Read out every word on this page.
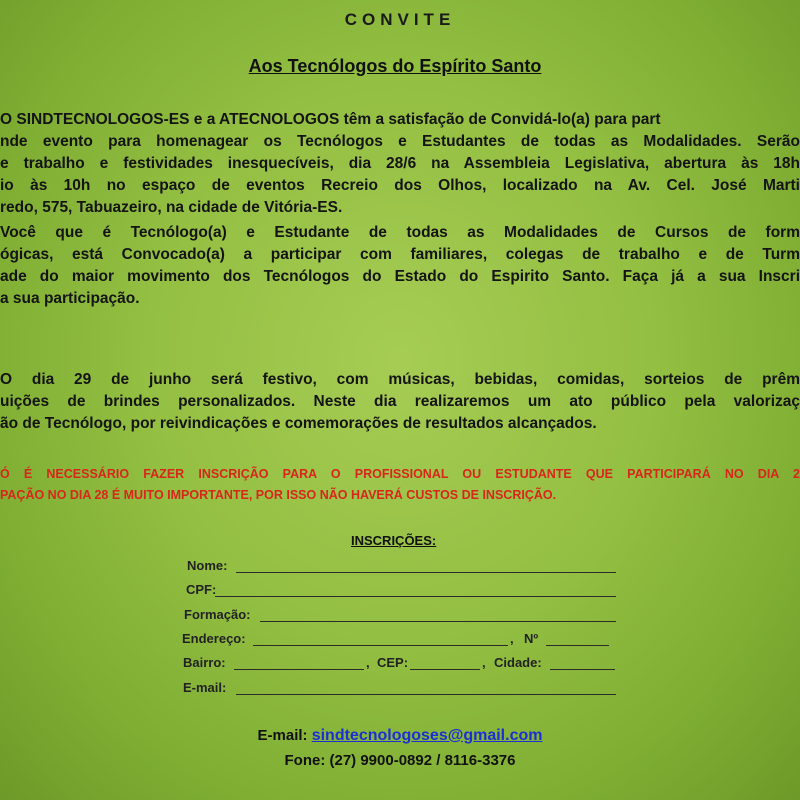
CONVITE
Aos Tecnólogos do Espírito Santo
O SINDTECNOLOGOS-ES e a ATECNOLOGOS têm a satisfação de Convidá-lo(a) para part
nde evento para homenagear os Tecnólogos e Estudantes de todas as Modalidades. Serão
e trabalho e festividades inesquecíveis, dia 28/6 na Assembleia Legislativa, abertura às 18h
io às 10h no espaço de eventos Recreio dos Olhos, localizado na Av. Cel. José Marti
redo, 575, Tabuazeiro, na cidade de Vitória-ES.
Você que é Tecnólogo(a) e Estudante de todas as Modalidades de Cursos de form
ógicas, está Convocado(a) a participar com familiares, colegas de trabalho e de Turm
ade do maior movimento dos Tecnólogos do Estado do Espirito Santo. Faça já a sua Inscri
a sua participação.
O dia 29 de junho será festivo, com músicas, bebidas, comidas, sorteios de prêm
uições de brindes personalizados. Neste dia realizaremos um ato público pela valorizaç
ão de Tecnólogo, por reivindicações e comemorações de resultados alcançados.
Ó É NECESSÁRIO FAZER INSCRIÇÃO PARA O PROFISSIONAL OU ESTUDANTE QUE PARTICIPARÁ NO DIA 2
PAÇÃO NO DIA 28 É MUITO IMPORTANTE, POR ISSO NÃO HAVERÁ CUSTOS DE INSCRIÇÃO.
INSCRIÇÕES:
Nome:
CPF:
Formação:
Endereço:	, Nº
Bairro:	, CEP:	, Cidade:
E-mail:
E-mail: sindtecnologoses@gmail.com
Fone: (27) 9900-0892 / 8116-3376
